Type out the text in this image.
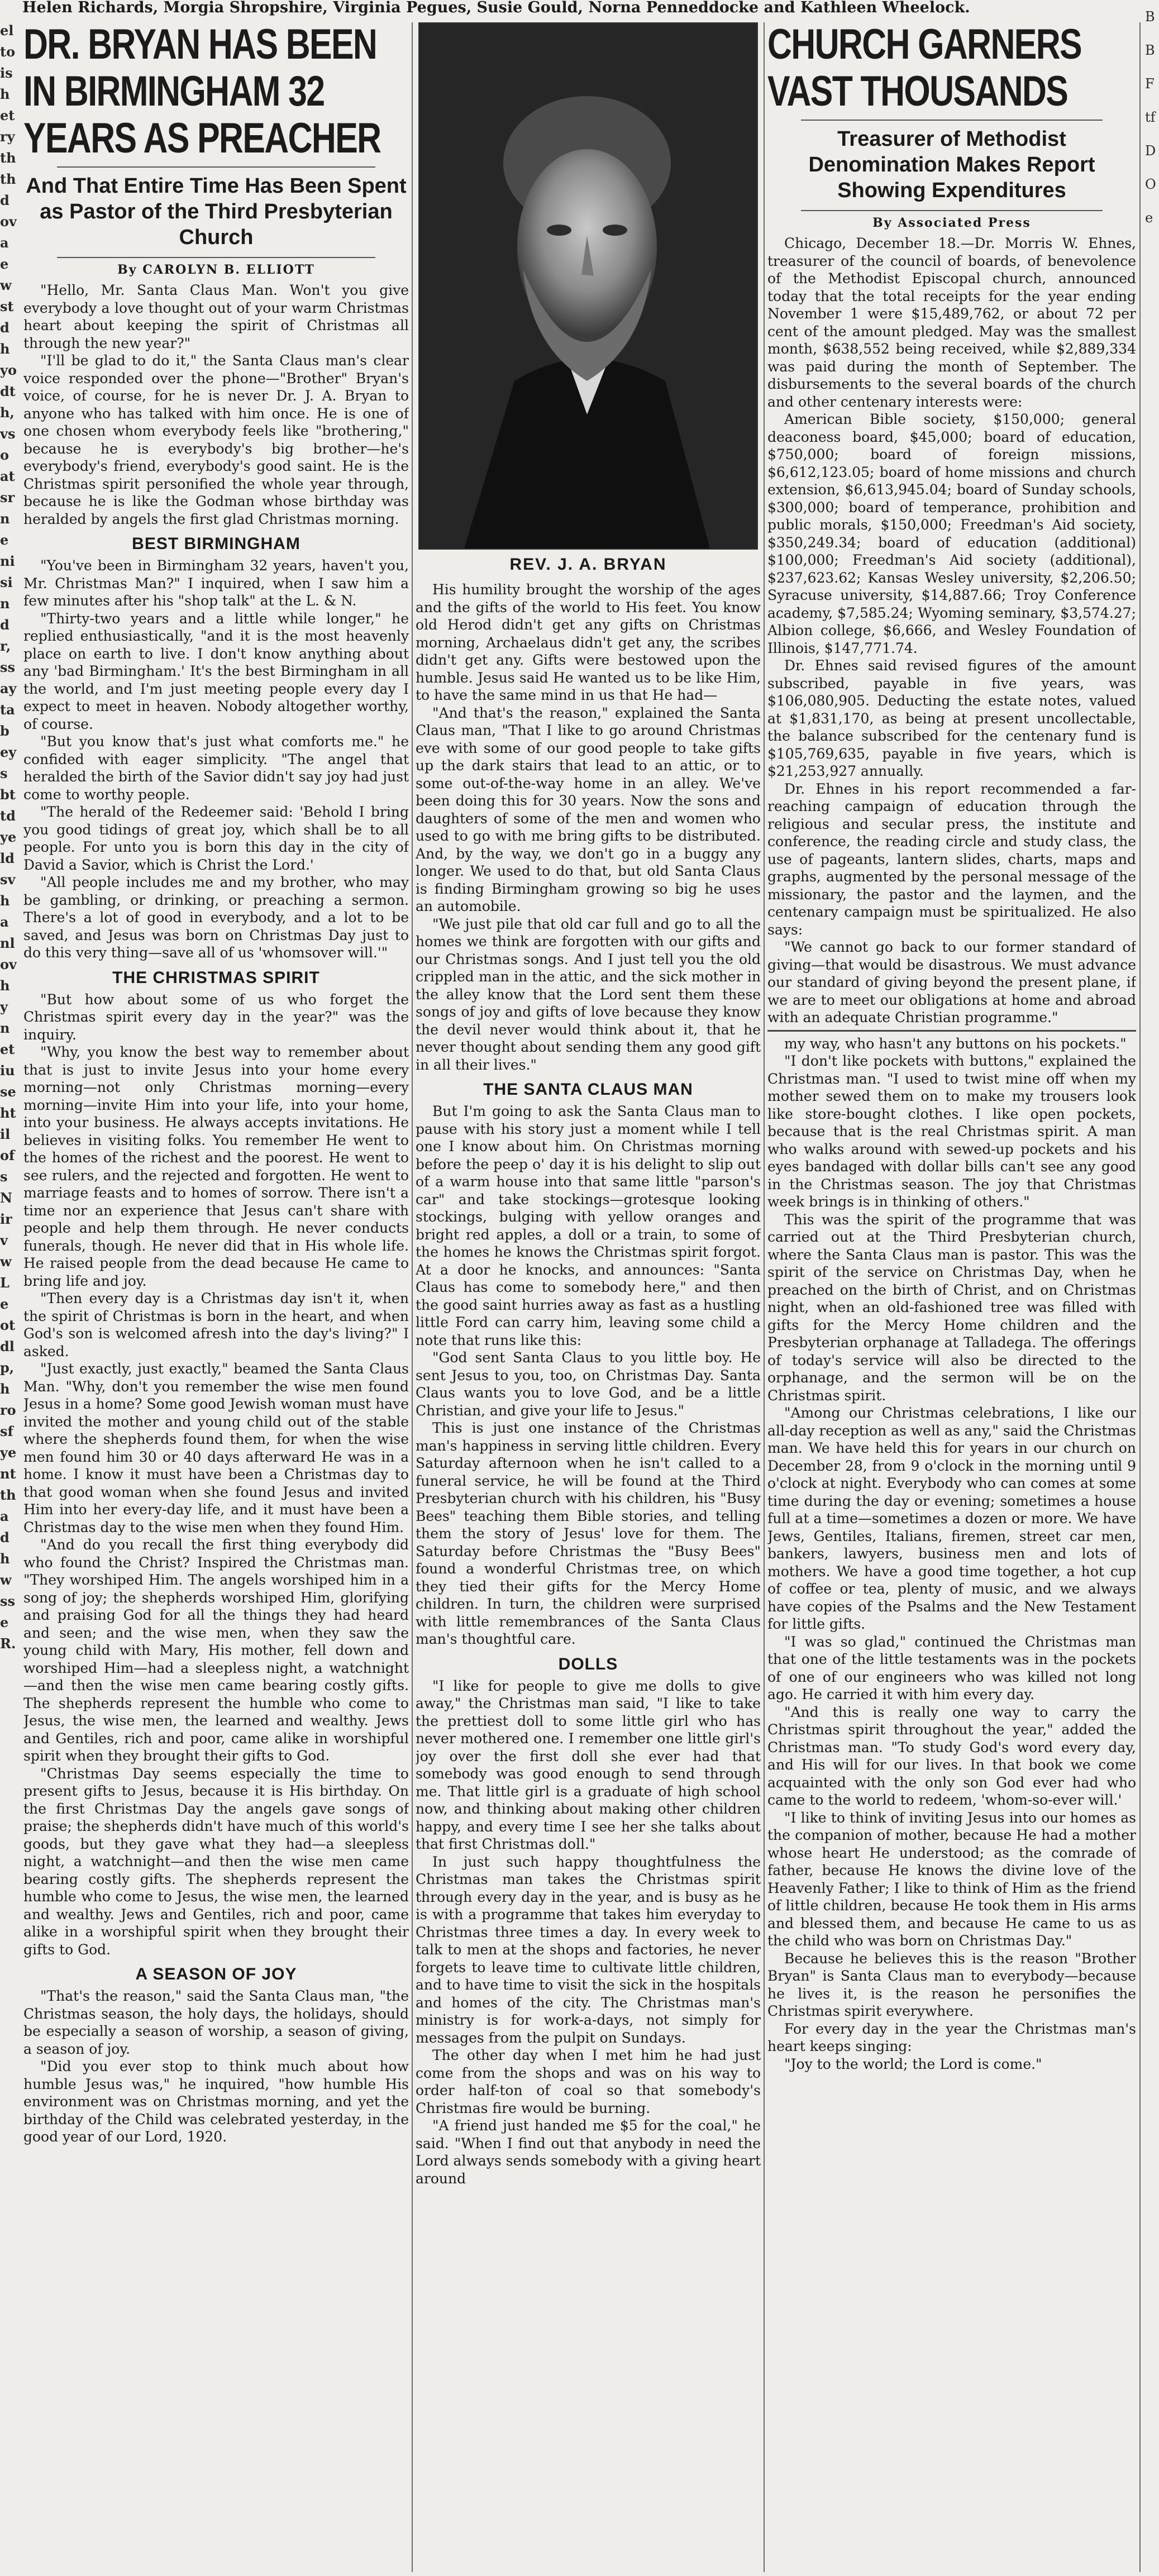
Helen Richards, Morgia Shropshire, Virginia Pegues, Susie Gould, Norna Penneddocke and Kathleen Wheelock.
eltoishetryththdovaewstdhyodth,vsoatsrnenisindr,ssaytabeysbttdyeldsvhanlovhynetiusehtilofsNirvwLeotdlp,hrosfyentthadhwsseR.
BBFtfDOe
DR. BRYAN HAS BEEN IN BIRMINGHAM 32 YEARS AS PREACHER
And That Entire Time Has Been Spent as Pastor of the Third Presbyterian Church
By CAROLYN B. ELLIOTT

"Hello, Mr. Santa Claus Man. Won't you give everybody a love thought out of your warm Christmas heart about keeping the spirit of Christmas all through the new year?"

"I'll be glad to do it," the Santa Claus man's clear voice responded over the phone—"Brother" Bryan's voice, of course, for he is never Dr. J. A. Bryan to anyone who has talked with him once. He is one of one chosen whom everybody feels like "brothering," because he is everybody's big brother—he's everybody's friend, everybody's good saint. He is the Christmas spirit personified the whole year through, because he is like the Godman whose birthday was heralded by angels the first glad Christmas morning.

BEST BIRMINGHAM

"You've been in Birmingham 32 years, haven't you, Mr. Christmas Man?" I inquired, when I saw him a few minutes after his "shop talk" at the L. & N.

"Thirty-two years and a little while longer," he replied enthusiastically, "and it is the most heavenly place on earth to live. I don't know anything about any 'bad Birmingham.' It's the best Birmingham in all the world, and I'm just meeting people every day I expect to meet in heaven. Nobody altogether worthy, of course.

"But you know that's just what comforts me." he confided with eager simplicity. "The angel that heralded the birth of the Savior didn't say joy had just come to worthy people.

"The herald of the Redeemer said: 'Behold I bring you good tidings of great joy, which shall be to all people. For unto you is born this day in the city of David a Savior, which is Christ the Lord.'

"All people includes me and my brother, who may be gambling, or drinking, or preaching a sermon. There's a lot of good in everybody, and a lot to be saved, and Jesus was born on Christmas Day just to do this very thing—save all of us 'whomsover will.'"

THE CHRISTMAS SPIRIT

"But how about some of us who forget the Christmas spirit every day in the year?" was the inquiry.

"Why, you know the best way to remember about that is just to invite Jesus into your home every morning—not only Christmas morning—every morning—invite Him into your life, into your home, into your business. He always accepts invitations. He believes in visiting folks. You remember He went to the homes of the richest and the poorest. He went to see rulers, and the rejected and forgotten. He went to marriage feasts and to homes of sorrow. There isn't a time nor an experience that Jesus can't share with people and help them through. He never conducts funerals, though. He never did that in His whole life. He raised people from the dead because He came to bring life and joy.

"Then every day is a Christmas day isn't it, when the spirit of Christmas is born in the heart, and when God's son is welcomed afresh into the day's living?" I asked.

"Just exactly, just exactly," beamed the Santa Claus Man. "Why, don't you remember the wise men found Jesus in a home? Some good Jewish woman must have invited the mother and young child out of the stable where the shepherds found them, for when the wise men found him 30 or 40 days afterward He was in a home. I know it must have been a Christmas day to that good woman when she found Jesus and invited Him into her every-day life, and it must have been a Christmas day to the wise men when they found Him.

"And do you recall the first thing everybody did who found the Christ? Inspired the Christmas man. "They worshiped Him. The angels worshiped him in a song of joy; the shepherds worshiped Him, glorifying and praising God for all the things they had heard and seen; and the wise men, when they saw the young child with Mary, His mother, fell down and worshiped Him—had a sleepless night, a watchnight—and then the wise men came bearing costly gifts. The shepherds represent the humble who come to Jesus, the wise men, the learned and wealthy. Jews and Gentiles, rich and poor, came alike in worshipful spirit when they brought their gifts to God.

"Christmas Day seems especially the time to present gifts to Jesus, because it is His birthday. On the first Christmas Day the angels gave songs of praise; the shepherds didn't have much of this world's goods, but they gave what they had—a sleepless night, a watchnight—and then the wise men came bearing costly gifts. The shepherds represent the humble who come to Jesus, the wise men, the learned and wealthy. Jews and Gentiles, rich and poor, came alike in a worshipful spirit when they brought their gifts to God.

A SEASON OF JOY

"That's the reason," said the Santa Claus man, "the Christmas season, the holy days, the holidays, should be especially a season of worship, a season of giving, a season of joy.

"Did you ever stop to think much about how humble Jesus was," he inquired, "how humble His environment was on Christmas morning, and yet the birthday of the Child was celebrated yesterday, in the good year of our Lord, 1920.

REV. J. A. BRYAN

His humility brought the worship of the ages and the gifts of the world to His feet. You know old Herod didn't get any gifts on Christmas morning, Archaelaus didn't get any, the scribes didn't get any. Gifts were bestowed upon the humble. Jesus said He wanted us to be like Him, to have the same mind in us that He had—

"And that's the reason," explained the Santa Claus man, "That I like to go around Christmas eve with some of our good people to take gifts up the dark stairs that lead to an attic, or to some out-of-the-way home in an alley. We've been doing this for 30 years. Now the sons and daughters of some of the men and women who used to go with me bring gifts to be distributed. And, by the way, we don't go in a buggy any longer. We used to do that, but old Santa Claus is finding Birmingham growing so big he uses an automobile.

"We just pile that old car full and go to all the homes we think are forgotten with our gifts and our Christmas songs. And I just tell you the old crippled man in the attic, and the sick mother in the alley know that the Lord sent them these songs of joy and gifts of love because they know the devil never would think about it, that he never thought about sending them any good gift in all their lives."

THE SANTA CLAUS MAN

But I'm going to ask the Santa Claus man to pause with his story just a moment while I tell one I know about him. On Christmas morning before the peep o' day it is his delight to slip out of a warm house into that same little "parson's car" and take stockings—grotesque looking stockings, bulging with yellow oranges and bright red apples, a doll or a train, to some of the homes he knows the Christmas spirit forgot. At a door he knocks, and announces: "Santa Claus has come to somebody here," and then the good saint hurries away as fast as a hustling little Ford can carry him, leaving some child a note that runs like this:

"God sent Santa Claus to you little boy. He sent Jesus to you, too, on Christmas Day. Santa Claus wants you to love God, and be a little Christian, and give your life to Jesus."

This is just one instance of the Christmas man's happiness in serving little children. Every Saturday afternoon when he isn't called to a funeral service, he will be found at the Third Presbyterian church with his children, his "Busy Bees" teaching them Bible stories, and telling them the story of Jesus' love for them. The Saturday before Christmas the "Busy Bees" found a wonderful Christmas tree, on which they tied their gifts for the Mercy Home children. In turn, the children were surprised with little remembrances of the Santa Claus man's thoughtful care.

DOLLS

"I like for people to give me dolls to give away," the Christmas man said, "I like to take the prettiest doll to some little girl who has never mothered one. I remember one little girl's joy over the first doll she ever had that somebody was good enough to send through me. That little girl is a graduate of high school now, and thinking about making other children happy, and every time I see her she talks about that first Christmas doll."

In just such happy thoughtfulness the Christmas man takes the Christmas spirit through every day in the year, and is busy as he is with a programme that takes him everyday to Christmas three times a day. In every week to talk to men at the shops and factories, he never forgets to leave time to cultivate little children, and to have time to visit the sick in the hospitals and homes of the city. The Christmas man's ministry is for work-a-days, not simply for messages from the pulpit on Sundays.

The other day when I met him he had just come from the shops and was on his way to order half-ton of coal so that somebody's Christmas fire would be burning.

"A friend just handed me $5 for the coal," he said. "When I find out that anybody in need the Lord always sends somebody with a giving heart around

CHURCH GARNERS VAST THOUSANDS
Treasurer of Methodist Denomination Makes Report Showing Expenditures
By Associated Press

Chicago, December 18.—Dr. Morris W. Ehnes, treasurer of the council of boards, of benevolence of the Methodist Episcopal church, announced today that the total receipts for the year ending November 1 were $15,489,762, or about 72 per cent of the amount pledged. May was the smallest month, $638,552 being received, while $2,889,334 was paid during the month of September. The disbursements to the several boards of the church and other centenary interests were:

American Bible society, $150,000; general deaconess board, $45,000; board of education, $750,000; board of foreign missions, $6,612,123.05; board of home missions and church extension, $6,613,945.04; board of Sunday schools, $300,000; board of temperance, prohibition and public morals, $150,000; Freedman's Aid society, $350,249.34; board of education (additional) $100,000; Freedman's Aid society (additional), $237,623.62; Kansas Wesley university, $2,206.50; Syracuse university, $14,887.66; Troy Conference academy, $7,585.24; Wyoming seminary, $3,574.27; Albion college, $6,666, and Wesley Foundation of Illinois, $147,771.74.

Dr. Ehnes said revised figures of the amount subscribed, payable in five years, was $106,080,905. Deducting the estate notes, valued at $1,831,170, as being at present uncollectable, the balance subscribed for the centenary fund is $105,769,635, payable in five years, which is $21,253,927 annually.

Dr. Ehnes in his report recommended a far-reaching campaign of education through the religious and secular press, the institute and conference, the reading circle and study class, the use of pageants, lantern slides, charts, maps and graphs, augmented by the personal message of the missionary, the pastor and the laymen, and the centenary campaign must be spiritualized. He also says:

"We cannot go back to our former standard of giving—that would be disastrous. We must advance our standard of giving beyond the present plane, if we are to meet our obligations at home and abroad with an adequate Christian programme."

my way, who hasn't any buttons on his pockets."

"I don't like pockets with buttons," explained the Christmas man. "I used to twist mine off when my mother sewed them on to make my trousers look like store-bought clothes. I like open pockets, because that is the real Christmas spirit. A man who walks around with sewed-up pockets and his eyes bandaged with dollar bills can't see any good in the Christmas season. The joy that Christmas week brings is in thinking of others."

This was the spirit of the programme that was carried out at the Third Presbyterian church, where the Santa Claus man is pastor. This was the spirit of the service on Christmas Day, when he preached on the birth of Christ, and on Christmas night, when an old-fashioned tree was filled with gifts for the Mercy Home children and the Presbyterian orphanage at Talladega. The offerings of today's service will also be directed to the orphanage, and the sermon will be on the Christmas spirit.

"Among our Christmas celebrations, I like our all-day reception as well as any," said the Christmas man. We have held this for years in our church on December 28, from 9 o'clock in the morning until 9 o'clock at night. Everybody who can comes at some time during the day or evening; sometimes a house full at a time—sometimes a dozen or more. We have Jews, Gentiles, Italians, firemen, street car men, bankers, lawyers, business men and lots of mothers. We have a good time together, a hot cup of coffee or tea, plenty of music, and we always have copies of the Psalms and the New Testament for little gifts.

"I was so glad," continued the Christmas man that one of the little testaments was in the pockets of one of our engineers who was killed not long ago. He carried it with him every day.

"And this is really one way to carry the Christmas spirit throughout the year," added the Christmas man. "To study God's word every day, and His will for our lives. In that book we come acquainted with the only son God ever had who came to the world to redeem, 'whom-so-ever will.'

"I like to think of inviting Jesus into our homes as the companion of mother, because He had a mother whose heart He understood; as the comrade of father, because He knows the divine love of the Heavenly Father; I like to think of Him as the friend of little children, because He took them in His arms and blessed them, and because He came to us as the child who was born on Christmas Day."

Because he believes this is the reason "Brother Bryan" is Santa Claus man to everybody—because he lives it, is the reason he personifies the Christmas spirit everywhere.

For every day in the year the Christmas man's heart keeps singing:

"Joy to the world; the Lord is come."
